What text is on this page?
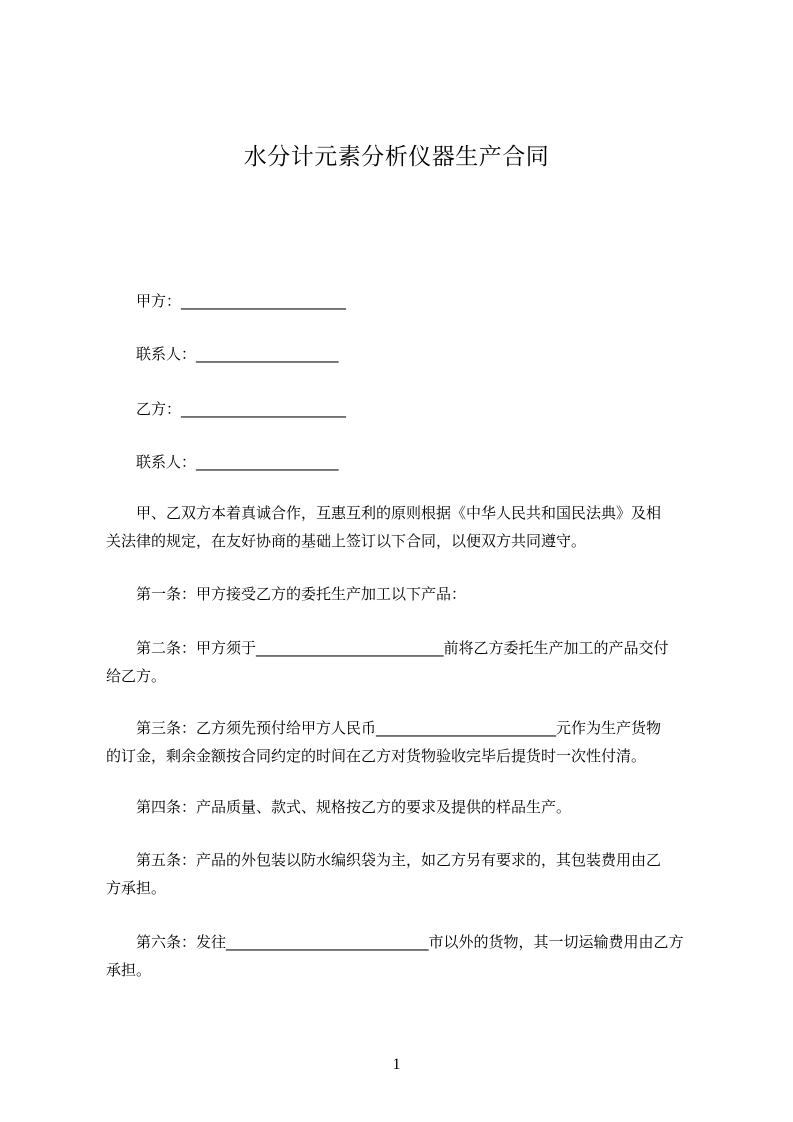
水分计元素分析仪器生产合同
甲方：______________________
联系人：___________________
乙方：______________________
联系人：___________________
甲、乙双方本着真诚合作，互惠互利的原则根据《中华人民共和国民法典》及相
关法律的规定，在友好协商的基础上签订以下合同，以便双方共同遵守。
第一条：甲方接受乙方的委托生产加工以下产品：
第二条：甲方须于_________________________前将乙方委托生产加工的产品交付
给乙方。
第三条：乙方须先预付给甲方人民币________________________元作为生产货物
的订金，剩余金额按合同约定的时间在乙方对货物验收完毕后提货时一次性付清。
第四条：产品质量、款式、规格按乙方的要求及提供的样品生产。
第五条：产品的外包装以防水编织袋为主，如乙方另有要求的，其包装费用由乙
方承担。
第六条：发往___________________________市以外的货物，其一切运输费用由乙方
承担。
1
